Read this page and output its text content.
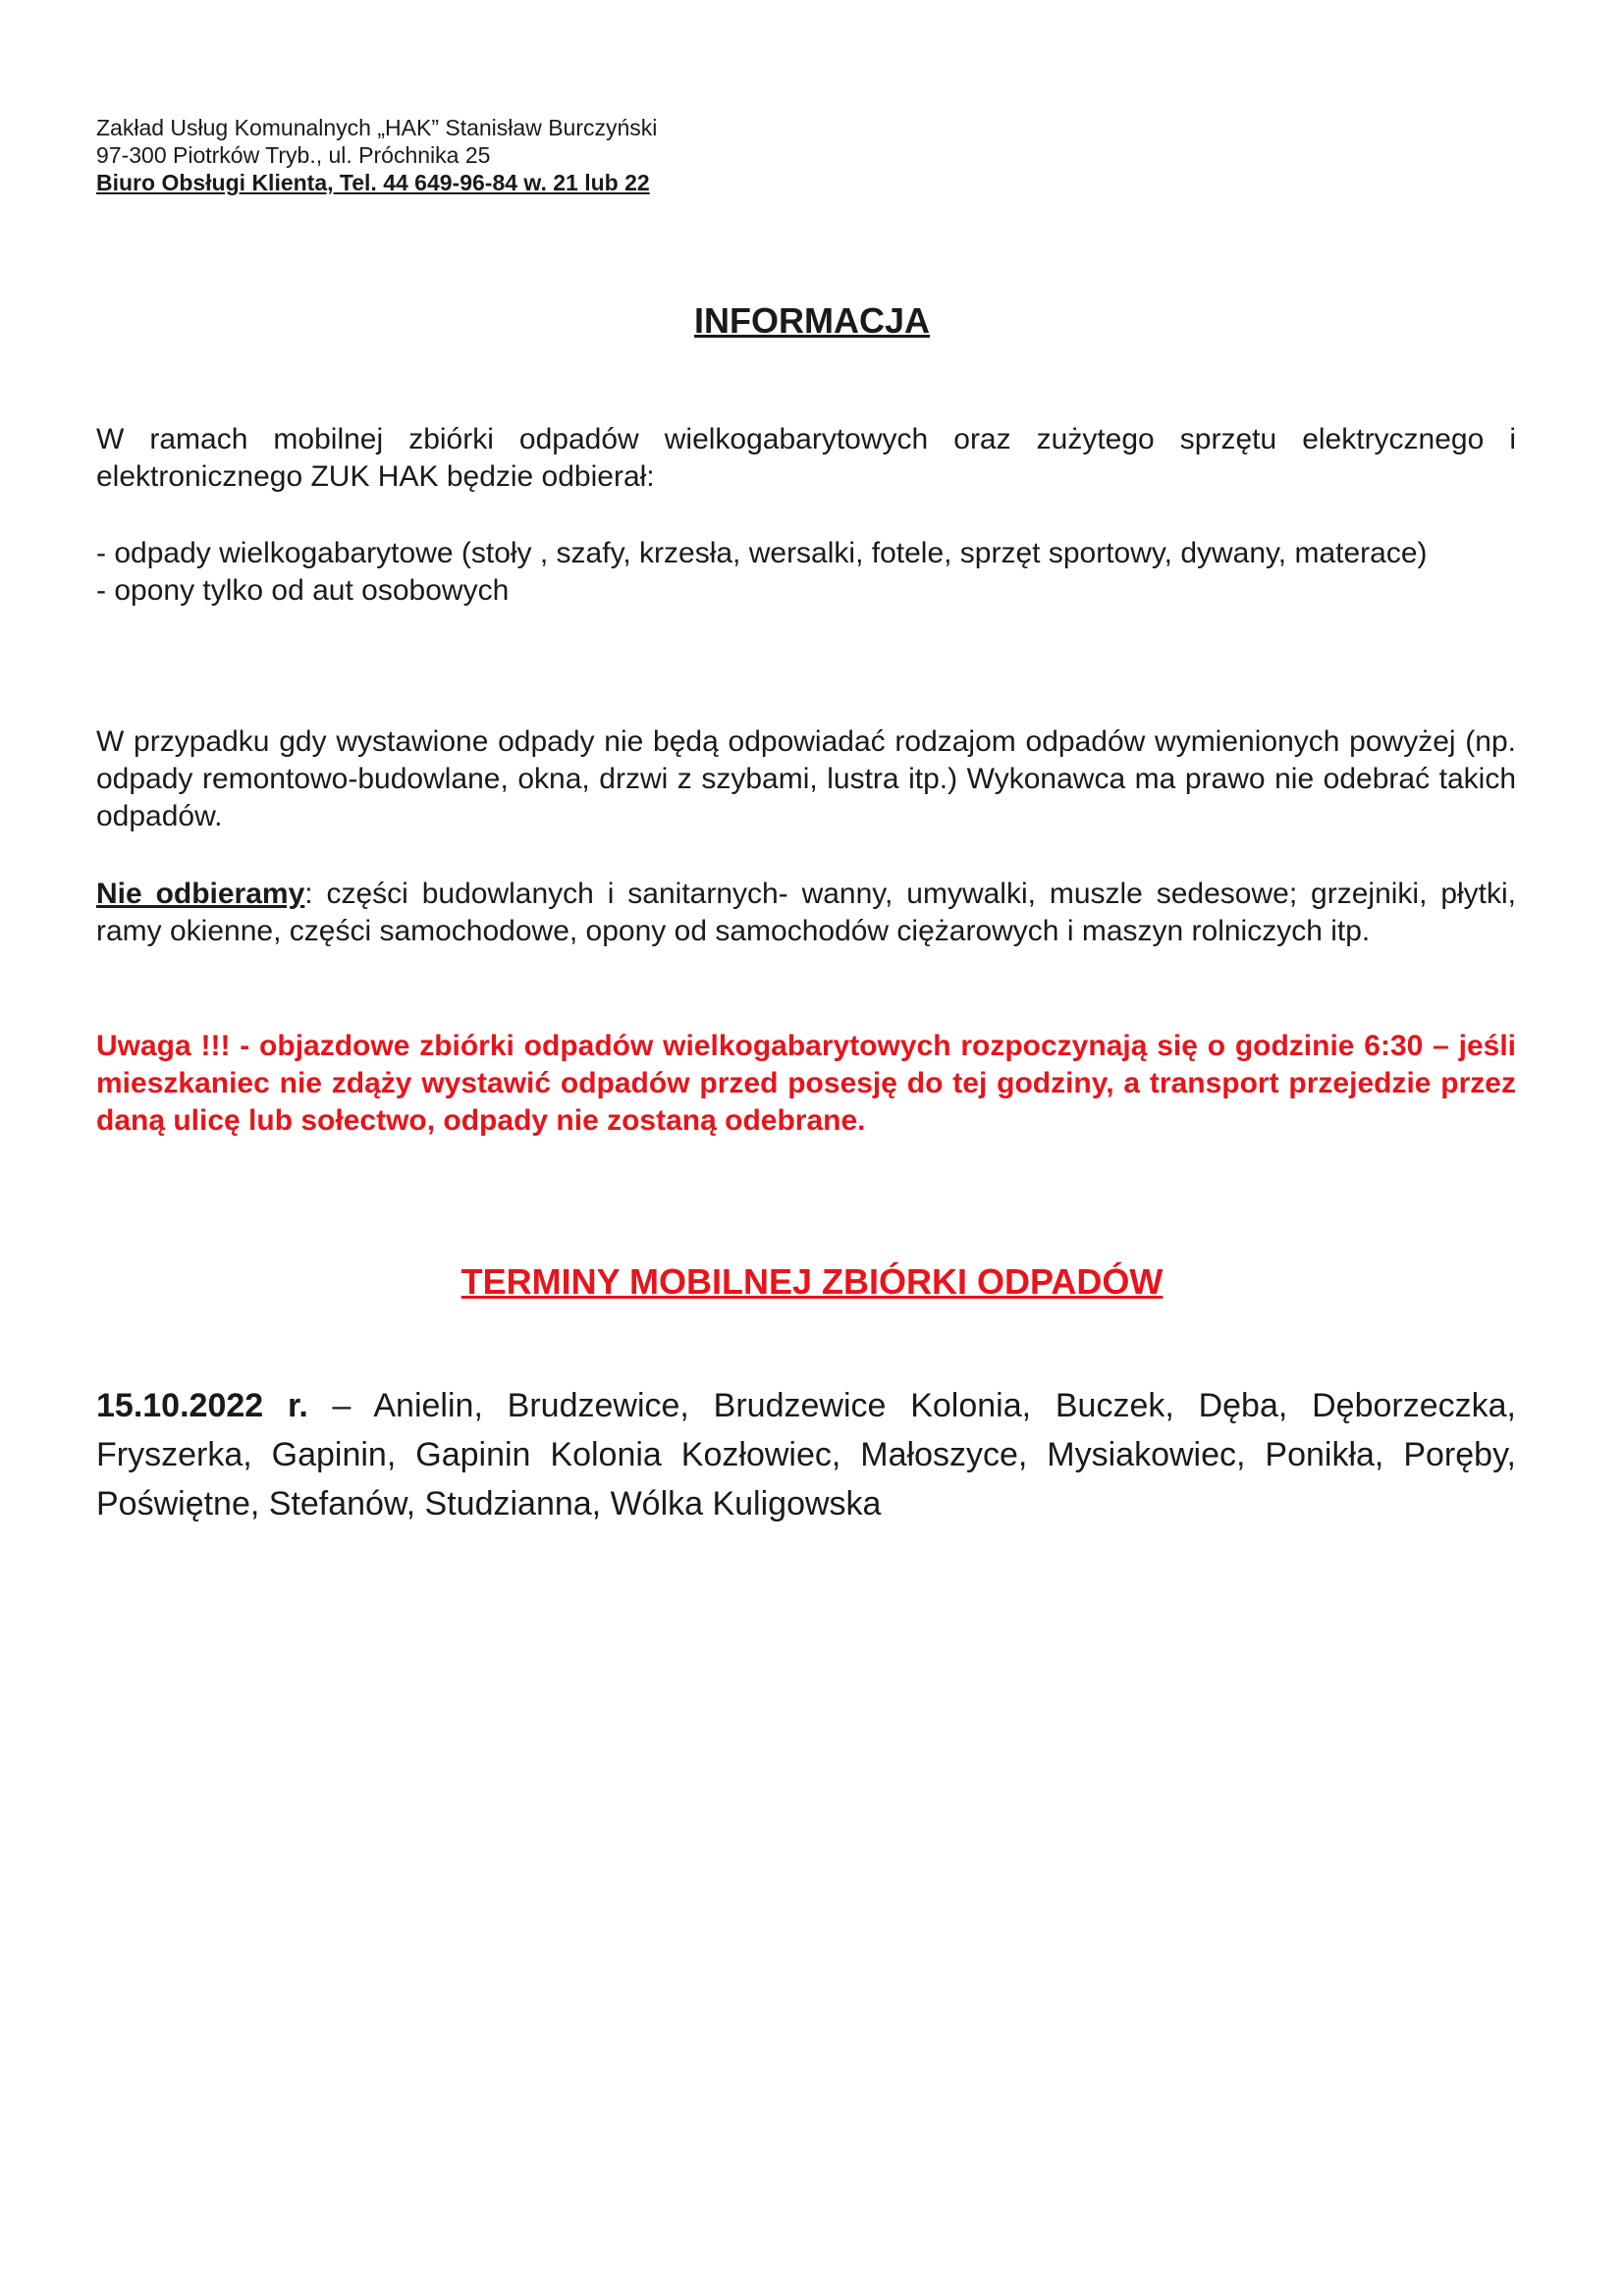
Zakład Usług Komunalnych „HAK” Stanisław Burczyński
97-300 Piotrków Tryb., ul. Próchnika 25
Biuro Obsługi Klienta, Tel. 44 649-96-84 w. 21 lub 22
INFORMACJA

W ramach mobilnej zbiórki odpadów wielkogabarytowych oraz zużytego sprzętu elektrycznego i elektronicznego ZUK HAK będzie odbierał:

- odpady wielkogabarytowe (stoły , szafy, krzesła, wersalki, fotele, sprzęt sportowy, dywany, materace)

- opony tylko od aut osobowych

W przypadku gdy wystawione odpady nie będą odpowiadać rodzajom odpadów wymienionych powyżej (np. odpady remontowo-budowlane, okna, drzwi z szybami, lustra itp.) Wykonawca ma prawo nie odebrać takich odpadów.

Nie odbieramy: części budowlanych i sanitarnych- wanny, umywalki, muszle sedesowe; grzejniki, płytki, ramy okienne, części samochodowe, opony od samochodów ciężarowych i maszyn rolniczych itp.

Uwaga !!! - objazdowe zbiórki odpadów wielkogabarytowych rozpoczynają się o godzinie 6:30 – jeśli mieszkaniec nie zdąży wystawić odpadów przed posesję do tej godziny, a transport przejedzie przez daną ulicę lub sołectwo, odpady nie zostaną odebrane.

TERMINY MOBILNEJ ZBIÓRKI ODPADÓW
15.10.2022 r. – Anielin, Brudzewice, Brudzewice Kolonia, Buczek, Dęba, Dęborzeczka, Fryszerka, Gapinin, Gapinin Kolonia Kozłowiec, Małoszyce, Mysiakowiec, Ponikła, Poręby, Poświętne, Stefanów, Studzianna, Wólka Kuligowska
